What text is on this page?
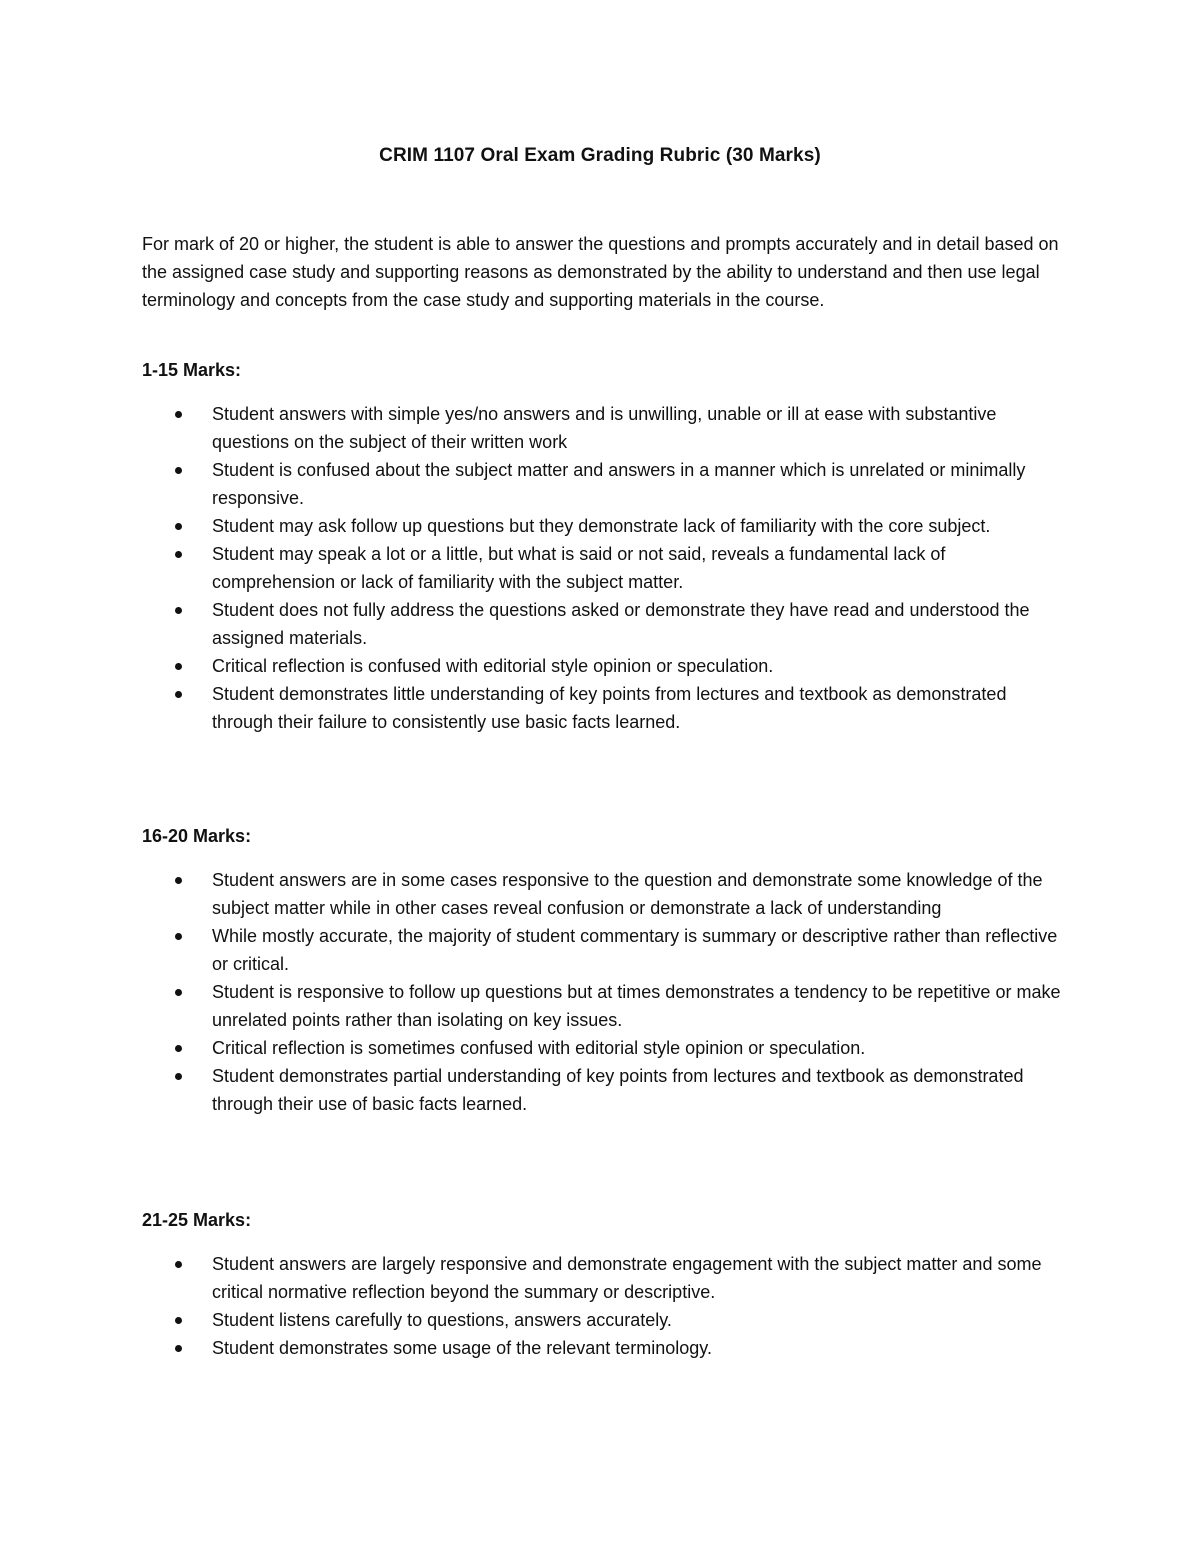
CRIM 1107 Oral Exam Grading Rubric (30 Marks)

For mark of 20 or higher, the student is able to answer the questions and prompts accurately and in detail based on the assigned case study and supporting reasons as demonstrated by the ability to understand and then use legal terminology and concepts from the case study and supporting materials in the course.

1-15 Marks:
Student answers with simple yes/no answers and is unwilling, unable or ill at ease with substantive questions on the subject of their written work
Student is confused about the subject matter and answers in a manner which is unrelated or minimally responsive.
Student may ask follow up questions but they demonstrate lack of familiarity with the core subject.
Student may speak a lot or a little, but what is said or not said, reveals a fundamental lack of comprehension or lack of familiarity with the subject matter.
Student does not fully address the questions asked or demonstrate they have read and understood the assigned materials.
Critical reflection is confused with editorial style opinion or speculation.
Student demonstrates little understanding of key points from lectures and textbook as demonstrated through their failure to consistently use basic facts learned.
16-20 Marks:
Student answers are in some cases responsive to the question and demonstrate some knowledge of the subject matter while in other cases reveal confusion or demonstrate a lack of understanding
While mostly accurate, the majority of student commentary is summary or descriptive rather than reflective or critical.
Student is responsive to follow up questions but at times demonstrates a tendency to be repetitive or make unrelated points rather than isolating on key issues.
Critical reflection is sometimes confused with editorial style opinion or speculation.
Student demonstrates partial understanding of key points from lectures and textbook as demonstrated through their use of basic facts learned.
21-25 Marks:
Student answers are largely responsive and demonstrate engagement with the subject matter and some critical normative reflection beyond the summary or descriptive.
Student listens carefully to questions, answers accurately.
Student demonstrates some usage of the relevant terminology.
